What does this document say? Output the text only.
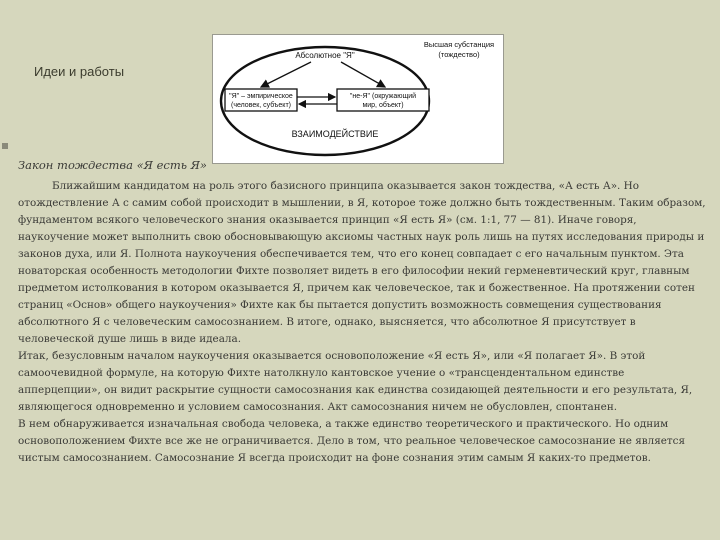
Идеи и работы
Абсолютное "Я"
Высшая субстанция
(тождество)
"Я" – эмпирическое
(человек, субъект)
"не-Я" (окружающий
мир, объект)
ВЗАИМОДЕЙСТВИЕ
Закон тождества «Я есть Я»

Ближайшим кандидатом на роль этого базисного принципа оказывается закон тождества, «А есть А». Но отождествление А с самим собой происходит в мышлении, в Я, которое тоже должно быть тождественным. Таким образом, фундаментом всякого человеческого знания оказывается принцип «Я есть Я» (см. 1:1, 77 — 81). Иначе говоря, наукоучение может выполнить свою обосновывающую аксиомы частных наук роль лишь на путях исследования природы и законов духа, или Я. Полнота наукоучения обеспечивается тем, что его конец совпадает с его начальным пунктом. Эта новаторская особенность методологии Фихте позволяет видеть в его философии некий герменевтический круг, главным предметом истолкования в котором оказывается Я, причем как человеческое, так и божественное. На протяжении сотен страниц «Основ» общего наукоучения» Фихте как бы пытается допустить возможность совмещения существования абсолютного Я с человеческим самосознанием. В итоге, однако, выясняется, что абсолютное Я присутствует в человеческой душе лишь в виде идеала.

Итак, безусловным началом наукоучения оказывается основоположение «Я есть Я», или «Я полагает Я». В этой самоочевидной формуле, на которую Фихте натолкнуло кантовское учение о «трансцендентальном единстве апперцепции», он видит раскрытие сущности самосознания как единства созидающей деятельности и его результата, Я, являющегося одновременно и условием самосознания. Акт самосознания ничем не обусловлен, спонтанен.

В нем обнаруживается изначальная свобода человека, а также единство теоретического и практического. Но одним основоположением Фихте все же не ограничивается. Дело в том, что реальное человеческое самосознание не является чистым самосознанием. Самосознание Я всегда происходит на фоне сознания этим самым Я каких-то предметов.
